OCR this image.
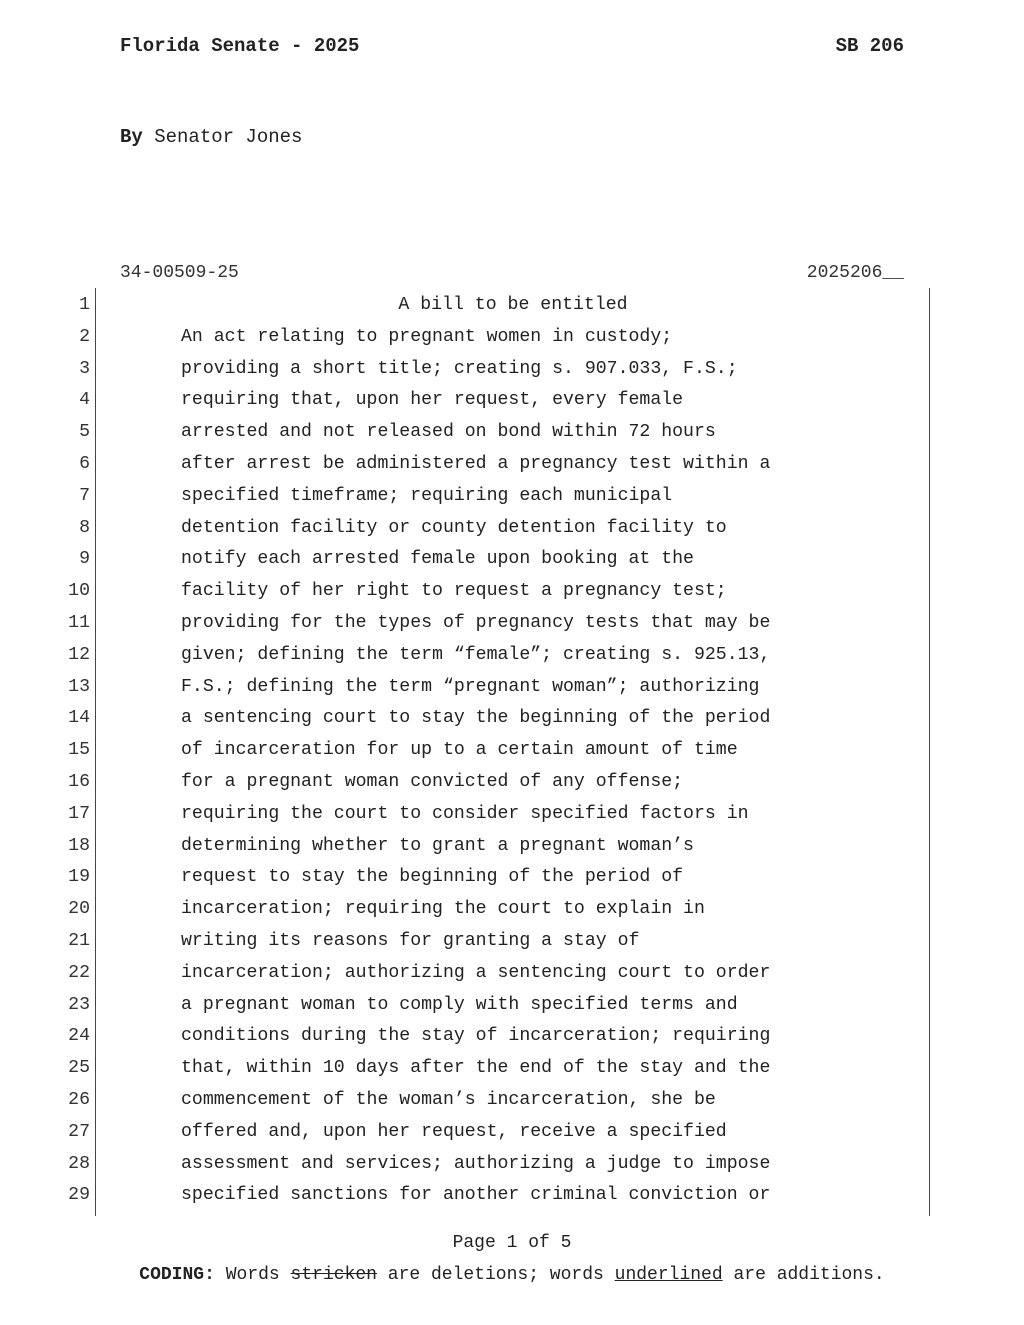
Florida Senate - 2025	SB 206
By Senator Jones
34-00509-25	2025206__
1	A bill to be entitled
2	An act relating to pregnant women in custody;
3	providing a short title; creating s. 907.033, F.S.;
4	requiring that, upon her request, every female
5	arrested and not released on bond within 72 hours
6	after arrest be administered a pregnancy test within a
7	specified timeframe; requiring each municipal
8	detention facility or county detention facility to
9	notify each arrested female upon booking at the
10	facility of her right to request a pregnancy test;
11	providing for the types of pregnancy tests that may be
12	given; defining the term “female”; creating s. 925.13,
13	F.S.; defining the term “pregnant woman”; authorizing
14	a sentencing court to stay the beginning of the period
15	of incarceration for up to a certain amount of time
16	for a pregnant woman convicted of any offense;
17	requiring the court to consider specified factors in
18	determining whether to grant a pregnant woman’s
19	request to stay the beginning of the period of
20	incarceration; requiring the court to explain in
21	writing its reasons for granting a stay of
22	incarceration; authorizing a sentencing court to order
23	a pregnant woman to comply with specified terms and
24	conditions during the stay of incarceration; requiring
25	that, within 10 days after the end of the stay and the
26	commencement of the woman’s incarceration, she be
27	offered and, upon her request, receive a specified
28	assessment and services; authorizing a judge to impose
29	specified sanctions for another criminal conviction or
Page 1 of 5
CODING: Words stricken are deletions; words underlined are additions.
